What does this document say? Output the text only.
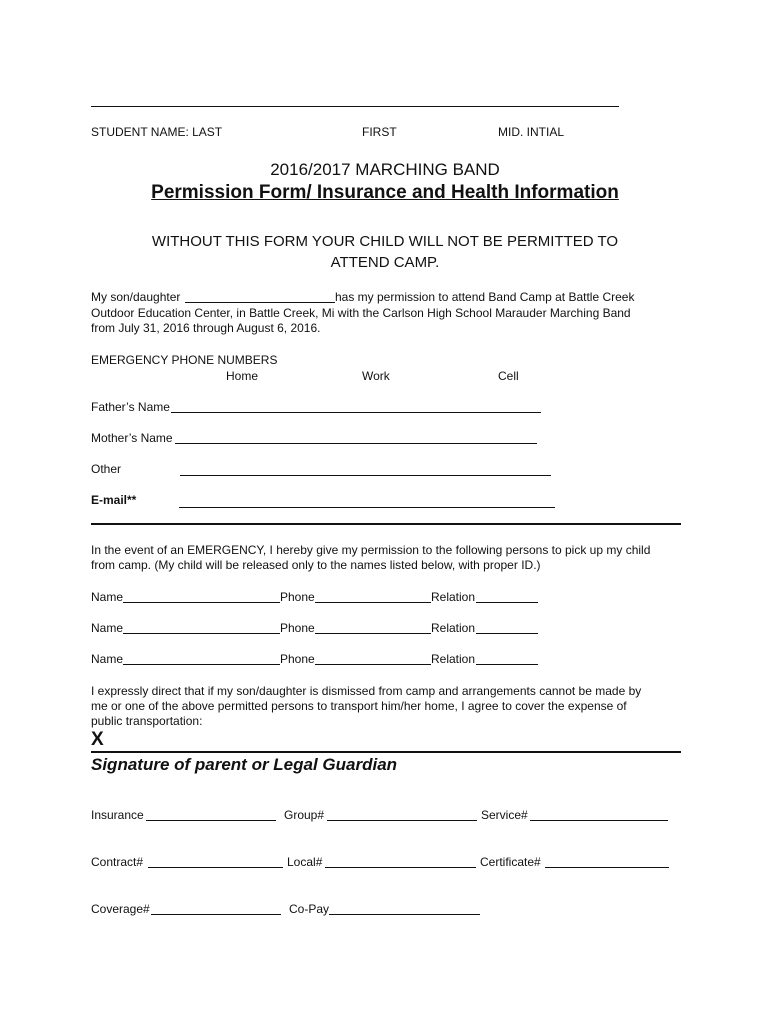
STUDENT NAME: LAST	FIRST	MID. INTIAL
2016/2017 MARCHING BAND
Permission Form/ Insurance and Health Information
WITHOUT THIS FORM YOUR CHILD WILL NOT BE PERMITTED TO
ATTEND CAMP.
My son/daughter	has my permission to attend Band Camp at Battle Creek
Outdoor Education Center, in Battle Creek, Mi with the Carlson High School Marauder Marching Band
from July 31, 2016 through August 6, 2016.
EMERGENCY PHONE NUMBERS
Home	Work	Cell
Father’s Name
Mother’s Name
Other
E-mail**
In the event of an EMERGENCY, I hereby give my permission to the following persons to pick up my child
from camp. (My child will be released only to the names listed below, with proper ID.)
Name	Phone	Relation
Name	Phone	Relation
Name	Phone	Relation
I expressly direct that if my son/daughter is dismissed from camp and arrangements cannot be made by
me or one of the above permitted persons to transport him/her home, I agree to cover the expense of
public transportation:
X
Signature of parent or Legal Guardian
Insurance	Group#	Service#
Contract#	Local#	Certificate#
Coverage#	Co-Pay
